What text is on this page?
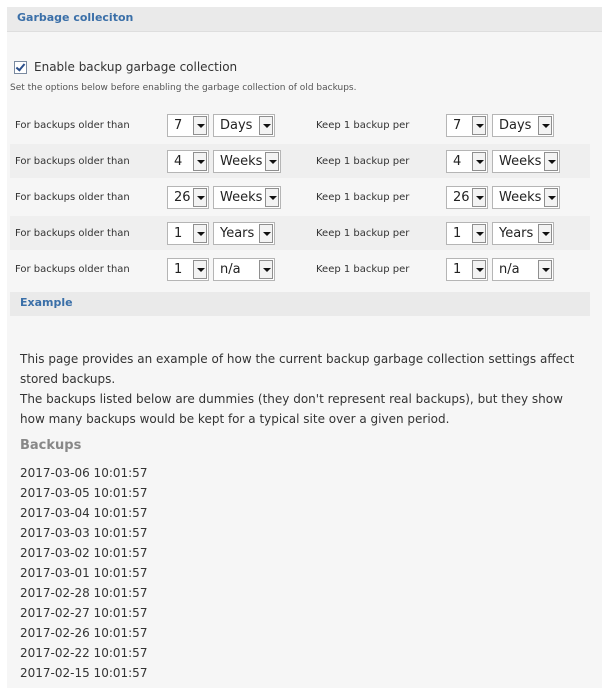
Garbage colleciton
Enable backup garbage collection
Set the options below before enabling the garbage collection of old backups.
For backups older than	7	Days	Keep 1 backup per	7	Days
For backups older than	4	Weeks	Keep 1 backup per	4	Weeks
For backups older than	26 Weeks	Keep 1 backup per	26 Weeks
For backups older than	1	Years	Keep 1 backup per	1	Years
For backups older than	1	n/a	Keep 1 backup per	1	n/a
Example
This page provides an example of how the current backup garbage collection settings affect stored backups.
The backups listed below are dummies (they don't represent real backups), but they show how many backups would be kept for a typical site over a given period.
Backups
2017-03-06 10:01:57
2017-03-05 10:01:57
2017-03-04 10:01:57
2017-03-03 10:01:57
2017-03-02 10:01:57
2017-03-01 10:01:57
2017-02-28 10:01:57
2017-02-27 10:01:57
2017-02-26 10:01:57
2017-02-22 10:01:57
2017-02-15 10:01:57
